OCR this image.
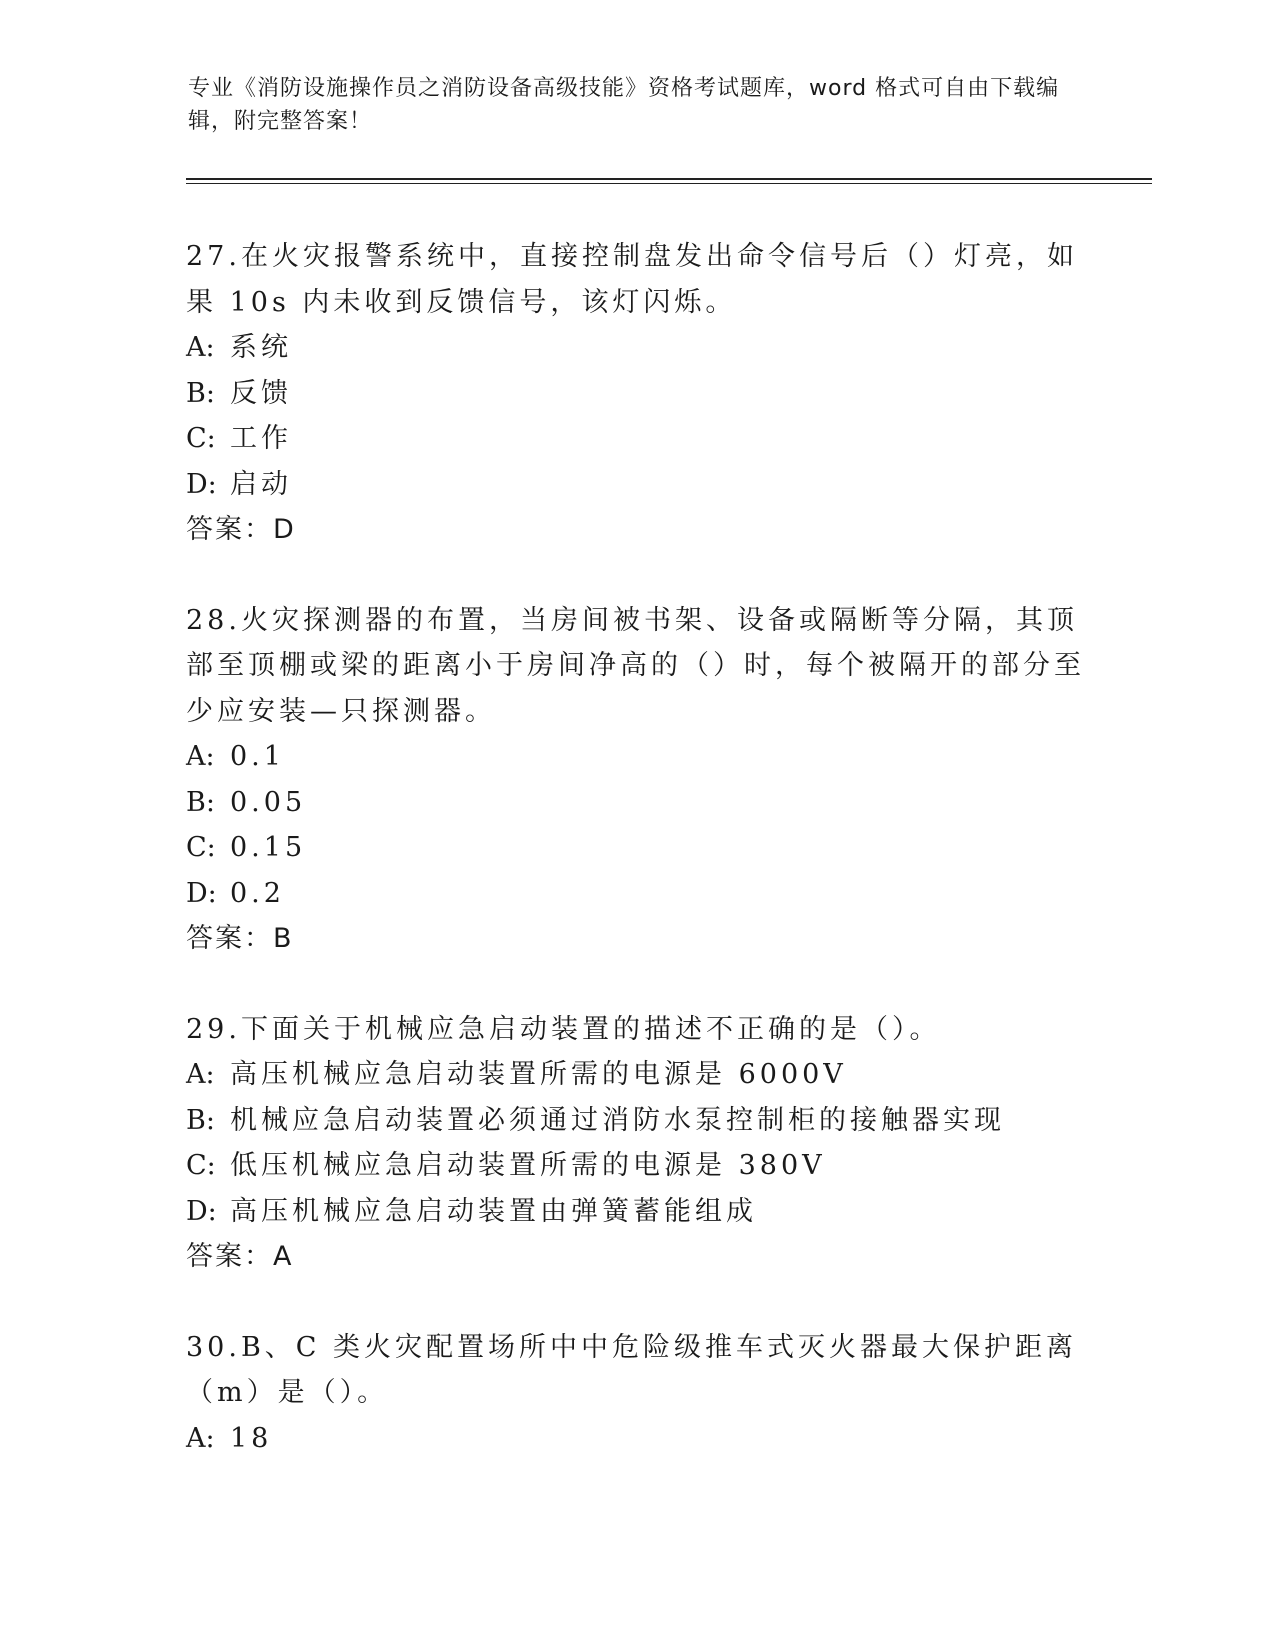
专业《消防设施操作员之消防设备高级技能》资格考试题库，word 格式可自由下载编辑，附完整答案！
27.在火灾报警系统中，直接控制盘发出命令信号后（）灯亮，如果 10s 内未收到反馈信号，该灯闪烁。
A: 系统
B: 反馈
C: 工作
D: 启动
答案：D
28.火灾探测器的布置，当房间被书架、设备或隔断等分隔，其顶部至顶棚或梁的距离小于房间净高的（）时，每个被隔开的部分至少应安装—只探测器。
A: 0.1
B: 0.05
C: 0.15
D: 0.2
答案：B
29.下面关于机械应急启动装置的描述不正确的是（）。
A: 高压机械应急启动装置所需的电源是 6000V
B: 机械应急启动装置必须通过消防水泵控制柜的接触器实现
C: 低压机械应急启动装置所需的电源是 380V
D: 高压机械应急启动装置由弹簧蓄能组成
答案：A
30.B、C 类火灾配置场所中中危险级推车式灭火器最大保护距离（m）是（）。
A: 18
